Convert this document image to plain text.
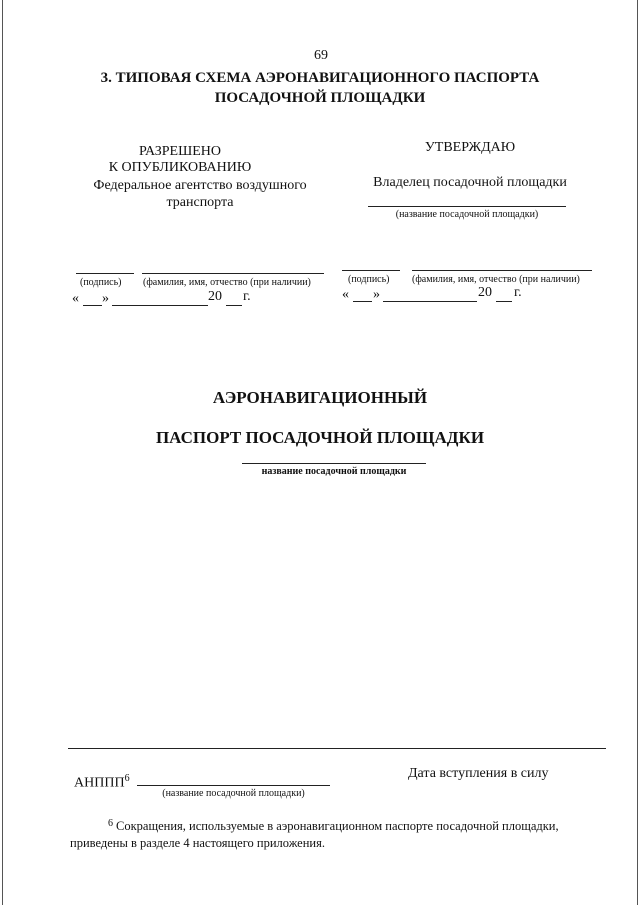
69
3. ТИПОВАЯ СХЕМА АЭРОНАВИГАЦИОННОГО ПАСПОРТА
ПОСАДОЧНОЙ ПЛОЩАДКИ
РАЗРЕШЕНО
К ОПУБЛИКОВАНИЮ
Федеральное агентство воздушного
транспорта
УТВЕРЖДАЮ
Владелец посадочной площадки
(название посадочной площадки)
(подпись) (фамилия, имя, отчество (при наличии)
« »	20 г.
(подпись) (фамилия, имя, отчество (при наличии)
« »	20 г.
АЭРОНАВИГАЦИОННЫЙ
ПАСПОРТ ПОСАДОЧНОЙ ПЛОЩАДКИ
название посадочной площадки
АНППП$^6$
(название посадочной площадки)
Дата вступления в силу
6 Сокращения, используемые в аэронавигационном паспорте посадочной площадки,
приведены в разделе 4 настоящего приложения.
